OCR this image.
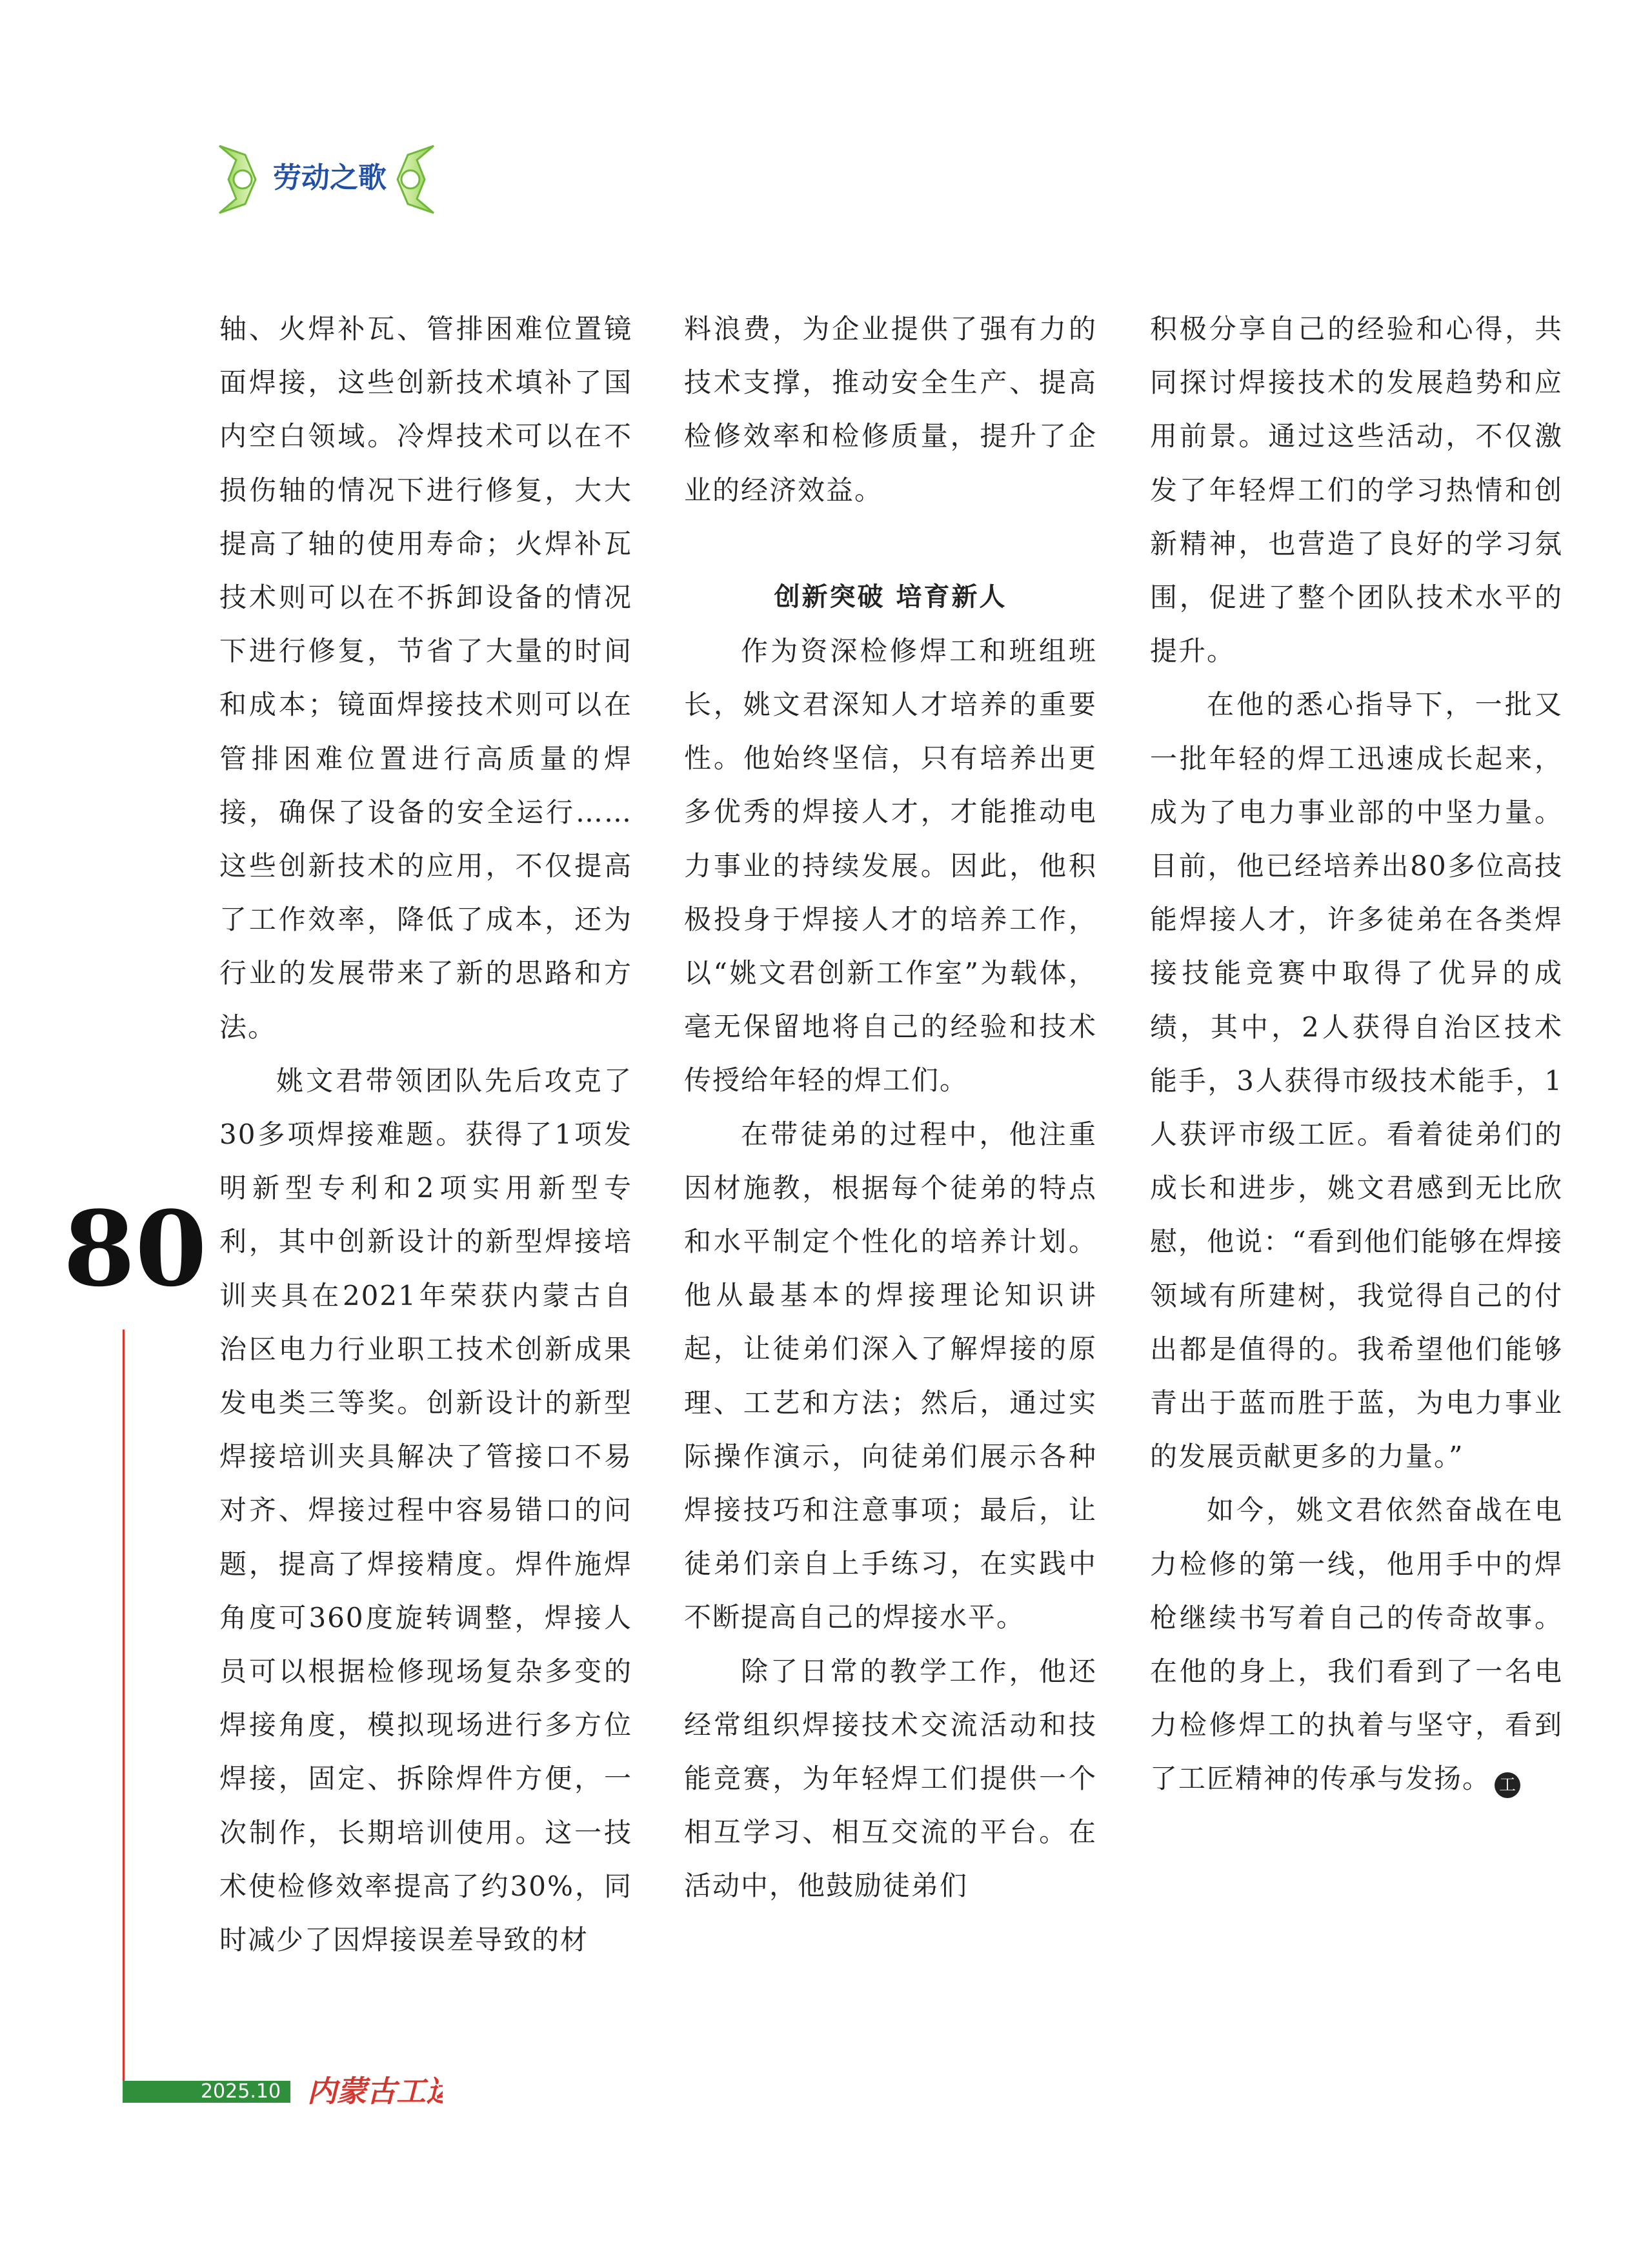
劳动之歌

轴、火焊补瓦、管排困难位置镜面焊接，这些创新技术填补了国内空白领域。冷焊技术可以在不损伤轴的情况下进行修复，大大提高了轴的使用寿命；火焊补瓦技术则可以在不拆卸设备的情况下进行修复，节省了大量的时间和成本；镜面焊接技术则可以在管排困难位置进行高质量的焊接，确保了设备的安全运行……这些创新技术的应用，不仅提高了工作效率，降低了成本，还为行业的发展带来了新的思路和方法。

姚文君带领团队先后攻克了30多项焊接难题。获得了1项发明新型专利和2项实用新型专利，其中创新设计的新型焊接培训夹具在2021年荣获内蒙古自治区电力行业职工技术创新成果发电类三等奖。创新设计的新型焊接培训夹具解决了管接口不易对齐、焊接过程中容易错口的问题，提高了焊接精度。焊件施焊角度可360度旋转调整，焊接人员可以根据检修现场复杂多变的焊接角度，模拟现场进行多方位焊接，固定、拆除焊件方便，一次制作，长期培训使用。这一技术使检修效率提高了约30%，同时减少了因焊接误差导致的材

料浪费，为企业提供了强有力的技术支撑，推动安全生产、提高检修效率和检修质量，提升了企业的经济效益。

创新突破 培育新人

作为资深检修焊工和班组班长，姚文君深知人才培养的重要性。他始终坚信，只有培养出更多优秀的焊接人才，才能推动电力事业的持续发展。因此，他积极投身于焊接人才的培养工作，以“姚文君创新工作室”为载体，毫无保留地将自己的经验和技术传授给年轻的焊工们。

在带徒弟的过程中，他注重因材施教，根据每个徒弟的特点和水平制定个性化的培养计划。他从最基本的焊接理论知识讲起，让徒弟们深入了解焊接的原理、工艺和方法；然后，通过实际操作演示，向徒弟们展示各种焊接技巧和注意事项；最后，让徒弟们亲自上手练习，在实践中不断提高自己的焊接水平。

除了日常的教学工作，他还经常组织焊接技术交流活动和技能竞赛，为年轻焊工们提供一个相互学习、相互交流的平台。在活动中，他鼓励徒弟们

积极分享自己的经验和心得，共同探讨焊接技术的发展趋势和应用前景。通过这些活动，不仅激发了年轻焊工们的学习热情和创新精神，也营造了良好的学习氛围，促进了整个团队技术水平的提升。

在他的悉心指导下，一批又一批年轻的焊工迅速成长起来，成为了电力事业部的中坚力量。目前，他已经培养出80多位高技能焊接人才，许多徒弟在各类焊接技能竞赛中取得了优异的成绩，其中，2人获得自治区技术能手，3人获得市级技术能手，1人获评市级工匠。看着徒弟们的成长和进步，姚文君感到无比欣慰，他说：“看到他们能够在焊接领域有所建树，我觉得自己的付出都是值得的。我希望他们能够青出于蓝而胜于蓝，为电力事业的发展贡献更多的力量。”

如今，姚文君依然奋战在电力检修的第一线，他用手中的焊枪继续书写着自己的传奇故事。在他的身上，我们看到了一名电力检修焊工的执着与坚守，看到了工匠精神的传承与发扬。 工

80
2025.10 内蒙古工运
